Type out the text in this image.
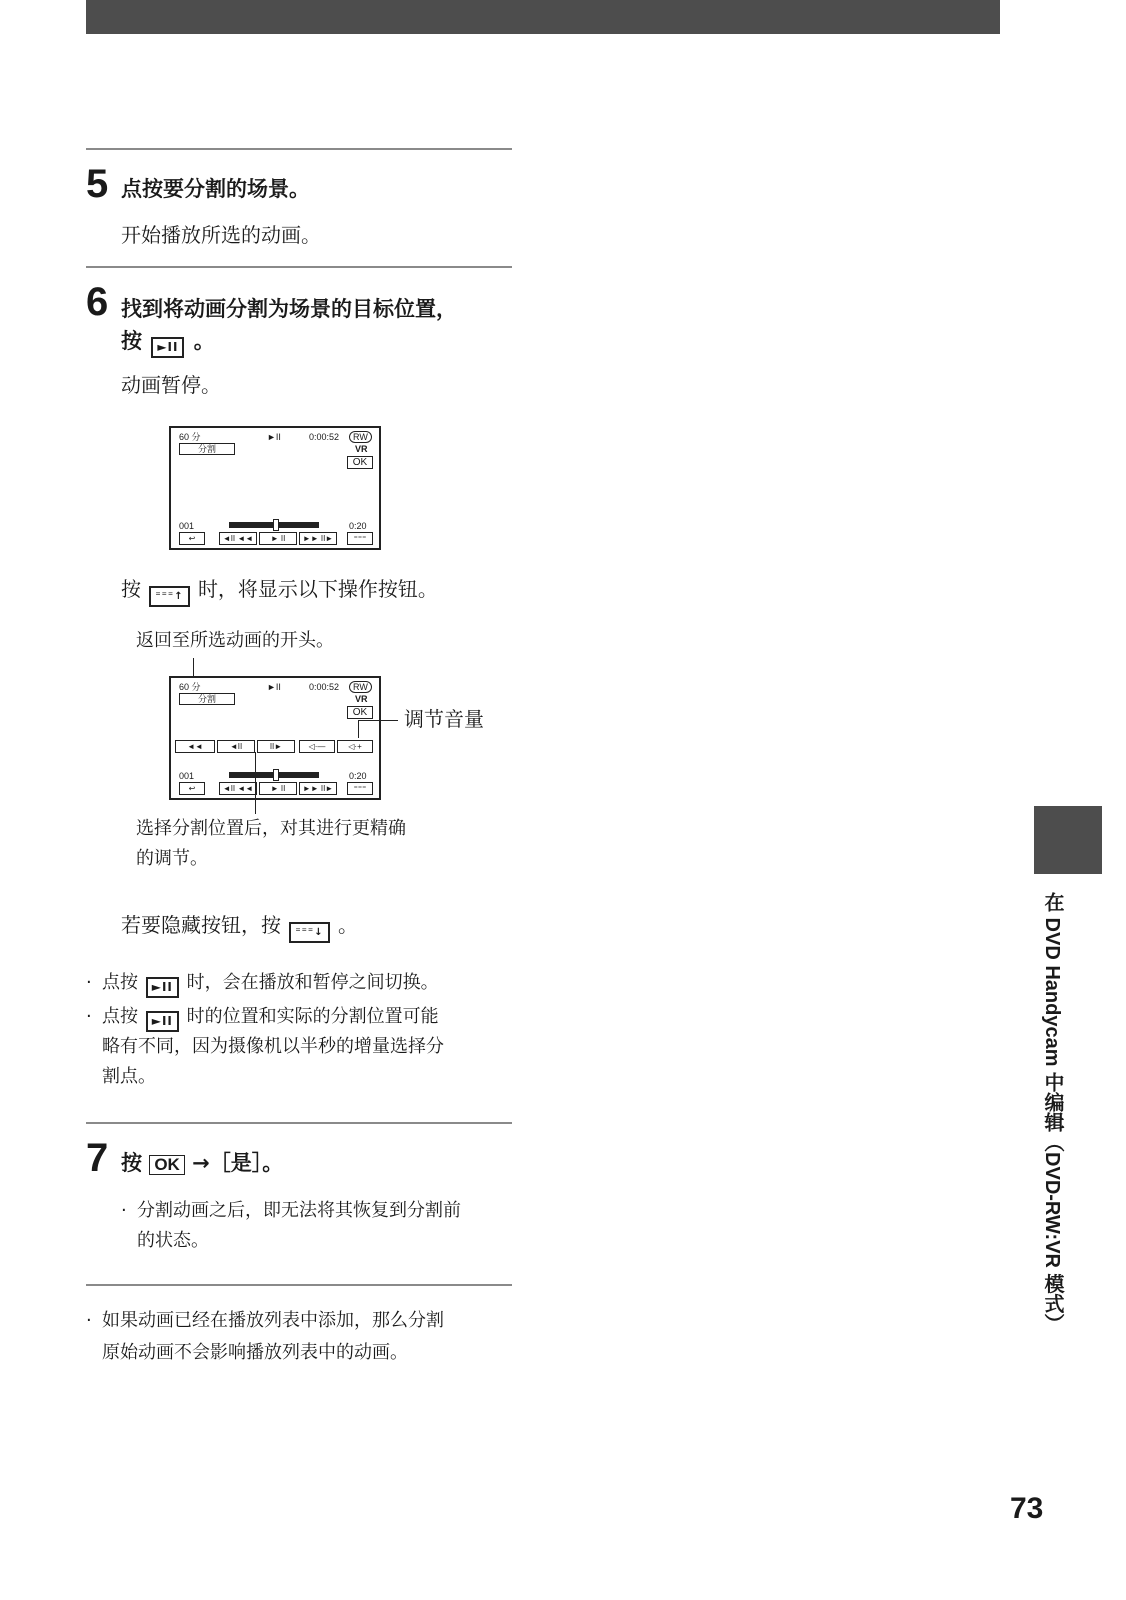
5 点按要分割的场景。
开始播放所选的动画。
6 找到将动画分割为场景的目标位置，
按 ►II 。
动画暂停。
60 分	►II	0:00:52	RW
分割	VR
OK
001	0:20
↩	◄II ◄◄	► II	►► II►	⁼⁼⁼
按 ⁼⁼⁼↑ 时，将显示以下操作按钮。
返回至所选动画的开头。
60 分	►II	0:00:52	RW
分割	VR
OK
◄◄	◄II	II►	◁·—	◁·+
001	0:20
↩	◄II ◄◄	► II	►► II►	⁼⁼⁼
调节音量
选择分割位置后，对其进行更精确
的调节。
若要隐藏按钮，按 ⁼⁼⁼↓ 。
· 点按 ►II 时，会在播放和暂停之间切换。
· 点按 ►II 时的位置和实际的分割位置可能
略有不同，因为摄像机以半秒的增量选择分
割点。
7 按 OK →［是］。
· 分割动画之后，即无法将其恢复到分割前
的状态。
· 如果动画已经在播放列表中添加，那么分割
原始动画不会影响播放列表中的动画。
在 DVD Handycam 中编辑（DVD-RW:VR 模式）
73
